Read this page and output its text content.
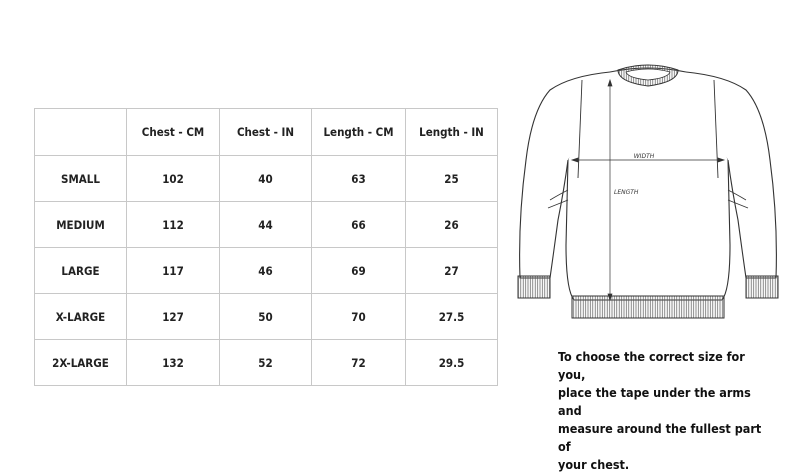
	Chest - CM	Chest - IN	Length - CM	Length - IN
SMALL	102	40	63	25
MEDIUM	112	44	66	26
LARGE	117	46	69	27
X-LARGE	127	50	70	27.5
2X-LARGE	132	52	72	29.5
WIDTH
LENGTH

To choose the correct size for you,
place the tape under the arms and
measure around the fullest part of
your chest.
